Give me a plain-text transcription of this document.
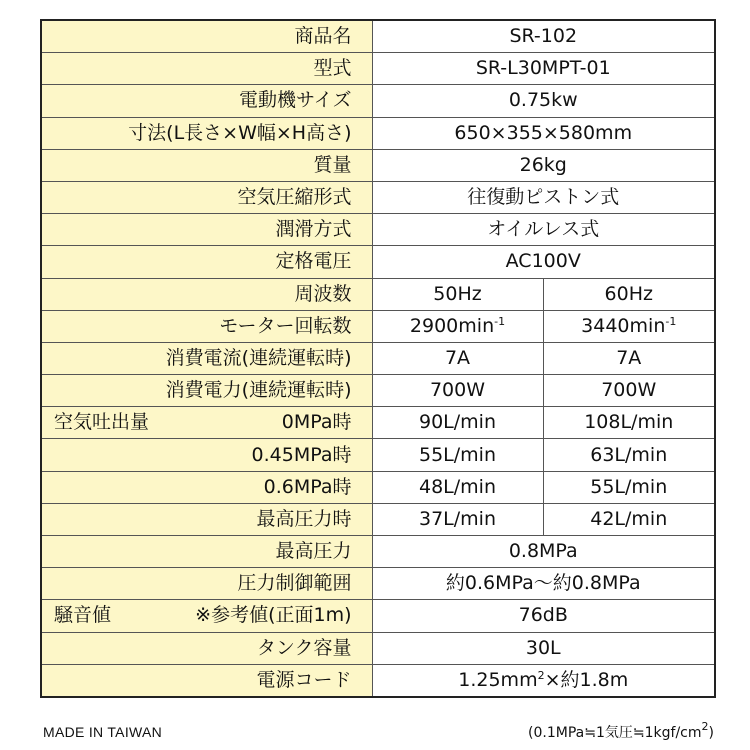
商品名	SR-102	
型式	SR-L30MPT-01	
電動機サイズ	0.75kw	
寸法(L長さ×W幅×H高さ)	650×355×580mm	
質量	26kg	
空気圧縮形式	往復動ピストン式	
潤滑方式	オイルレス式	
定格電圧	AC100V	
周波数	50Hz	60Hz
モーター回転数	$2900\min^{-1}$	$3440\min^{-1}$
消費電流(連続運転時)	7A	7A
消費電力(連続運転時)	700W	700W

空気吐出量 0MPa時	90L/min	108L/min
0.45MPa時	55L/min	63L/min
0.6MPa時	48L/min	55L/min
最高圧力時	37L/min	42L/min
最高圧力	0.8MPa	
圧力制御範囲	約0.6MPa〜約0.8MPa	

騒音値 ※参考値(正面1m)	76dB	
タンク容量	30L	
電源コード	$1.25mm^2\times$約1.8m	
MADE IN TAIWAN	(0.1MPa≒1気圧$≒1kgf/cm^2$)
